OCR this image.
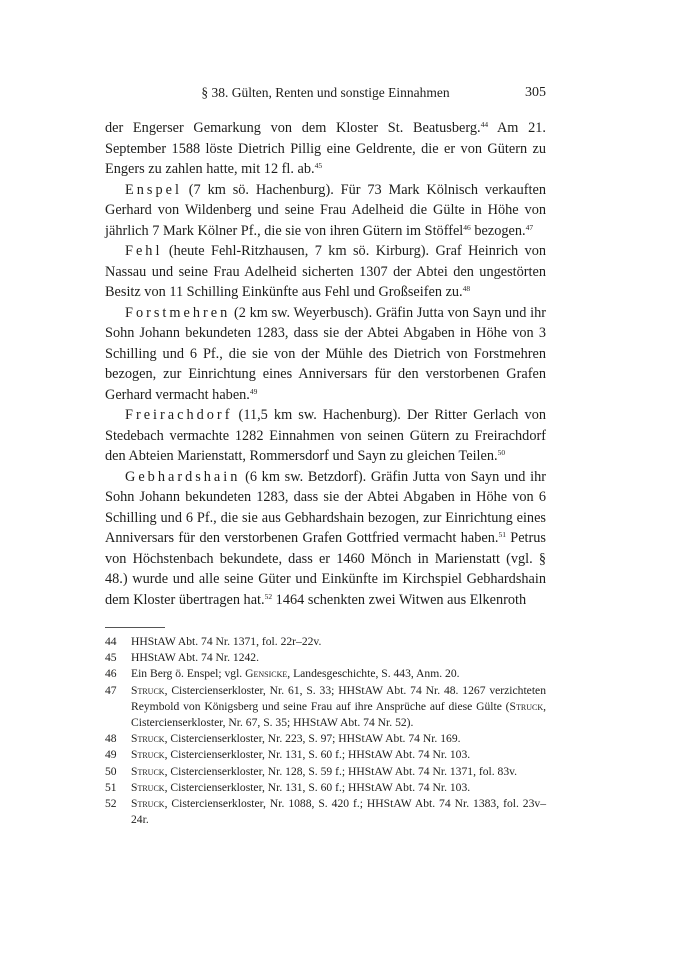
§ 38. Gülten, Renten und sonstige Einnahmen	305

der Engerser Gemarkung von dem Kloster St. Beatusberg.$^{44}$ Am 21. September 1588 löste Dietrich Pillig eine Geldrente, die er von Gütern zu Engers zu zahlen hatte, mit 12 fl. ab.$^{45}$

Enspel (7 km sö. Hachenburg). Für 73 Mark Kölnisch verkauften Gerhard von Wildenberg und seine Frau Adelheid die Gülte in Höhe von jährlich 7 Mark Kölner Pf., die sie von ihren Gütern im Stöffel$^{46}$ bezogen.$^{47}$

Fehl (heute Fehl-Ritzhausen, 7 km sö. Kirburg). Graf Heinrich von Nassau und seine Frau Adelheid sicherten 1307 der Abtei den ungestörten Besitz von 11 Schilling Einkünfte aus Fehl und Großseifen zu.$^{48}$

Forstmehren (2 km sw. Weyerbusch). Gräfin Jutta von Sayn und ihr Sohn Johann bekundeten 1283, dass sie der Abtei Abgaben in Höhe von 3 Schilling und 6 Pf., die sie von der Mühle des Dietrich von Forstmehren bezogen, zur Einrichtung eines Anniversars für den verstorbenen Grafen Gerhard vermacht haben.$^{49}$

Freirachdorf (11,5 km sw. Hachenburg). Der Ritter Gerlach von Stedebach vermachte 1282 Einnahmen von seinen Gütern zu Freirachdorf den Abteien Marienstatt, Rommersdorf und Sayn zu gleichen Teilen.$^{50}$

Gebhardshain (6 km sw. Betzdorf). Gräfin Jutta von Sayn und ihr Sohn Johann bekundeten 1283, dass sie der Abtei Abgaben in Höhe von 6 Schilling und 6 Pf., die sie aus Gebhardshain bezogen, zur Einrichtung eines Anniversars für den verstorbenen Grafen Gottfried vermacht haben.$^{51}$ Petrus von Höchstenbach bekundete, dass er 1460 Mönch in Marienstatt (vgl. § 48.) wurde und alle seine Güter und Einkünfte im Kirchspiel Gebhardshain dem Kloster übertragen hat.$^{52}$ 1464 schenkten zwei Witwen aus Elkenroth

44 HHStAW Abt. 74 Nr. 1371, fol. 22r–22v.
45 HHStAW Abt. 74 Nr. 1242.
46 Ein Berg ö. Enspel; vgl. Gensicke, Landesgeschichte, S. 443, Anm. 20.
47 Struck, Cistercienserkloster, Nr. 61, S. 33; HHStAW Abt. 74 Nr. 48. 1267 verzichteten Reymbold von Königsberg und seine Frau auf ihre Ansprüche auf diese Gülte (Struck, Cistercienserkloster, Nr. 67, S. 35; HHStAW Abt. 74 Nr. 52).
48 Struck, Cistercienserkloster, Nr. 223, S. 97; HHStAW Abt. 74 Nr. 169.
49 Struck, Cistercienserkloster, Nr. 131, S. 60 f.; HHStAW Abt. 74 Nr. 103.
50 Struck, Cistercienserkloster, Nr. 128, S. 59 f.; HHStAW Abt. 74 Nr. 1371, fol. 83v.
51 Struck, Cistercienserkloster, Nr. 131, S. 60 f.; HHStAW Abt. 74 Nr. 103.
52 Struck, Cistercienserkloster, Nr. 1088, S. 420 f.; HHStAW Abt. 74 Nr. 1383, fol. 23v–24r.
